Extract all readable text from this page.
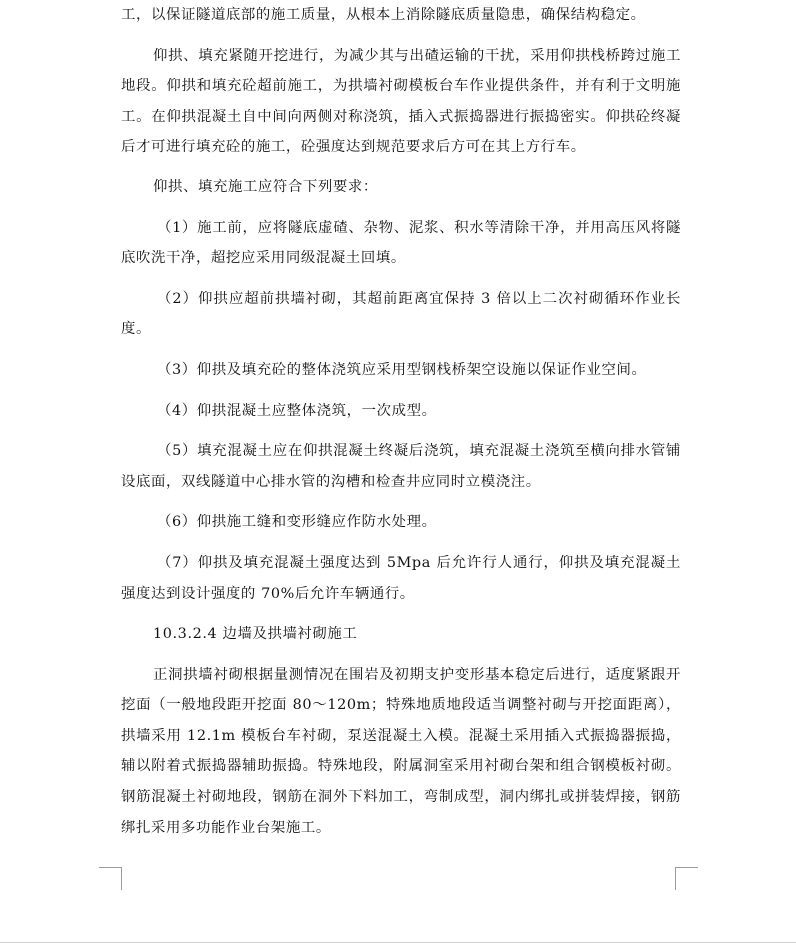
工，以保证隧道底部的施工质量，从根本上消除隧底质量隐患，确保结构稳定。

仰拱、填充紧随开挖进行，为减少其与出碴运输的干扰，采用仰拱栈桥跨过施工地段。仰拱和填充砼超前施工，为拱墙衬砌模板台车作业提供条件，并有利于文明施工。在仰拱混凝土自中间向两侧对称浇筑，插入式振捣器进行振捣密实。仰拱砼终凝后才可进行填充砼的施工，砼强度达到规范要求后方可在其上方行车。

仰拱、填充施工应符合下列要求：

（1）施工前，应将隧底虚碴、杂物、泥浆、积水等清除干净，并用高压风将隧底吹洗干净，超挖应采用同级混凝土回填。

（2）仰拱应超前拱墙衬砌，其超前距离宜保持 3 倍以上二次衬砌循环作业长度。

（3）仰拱及填充砼的整体浇筑应采用型钢栈桥架空设施以保证作业空间。

（4）仰拱混凝土应整体浇筑，一次成型。

（5）填充混凝土应在仰拱混凝土终凝后浇筑，填充混凝土浇筑至横向排水管铺设底面，双线隧道中心排水管的沟槽和检查井应同时立模浇注。

（6）仰拱施工缝和变形缝应作防水处理。

（7）仰拱及填充混凝土强度达到 5Mpa 后允许行人通行，仰拱及填充混凝土强度达到设计强度的 70%后允许车辆通行。

10.3.2.4 边墙及拱墙衬砌施工

正洞拱墙衬砌根据量测情况在围岩及初期支护变形基本稳定后进行，适度紧跟开挖面（一般地段距开挖面 80～120m；特殊地质地段适当调整衬砌与开挖面距离），拱墙采用 12.1m 模板台车衬砌，泵送混凝土入模。混凝土采用插入式振捣器振捣，辅以附着式振捣器辅助振捣。特殊地段，附属洞室采用衬砌台架和组合钢模板衬砌。钢筋混凝土衬砌地段，钢筋在洞外下料加工，弯制成型，洞内绑扎或拼装焊接，钢筋绑扎采用多功能作业台架施工。
